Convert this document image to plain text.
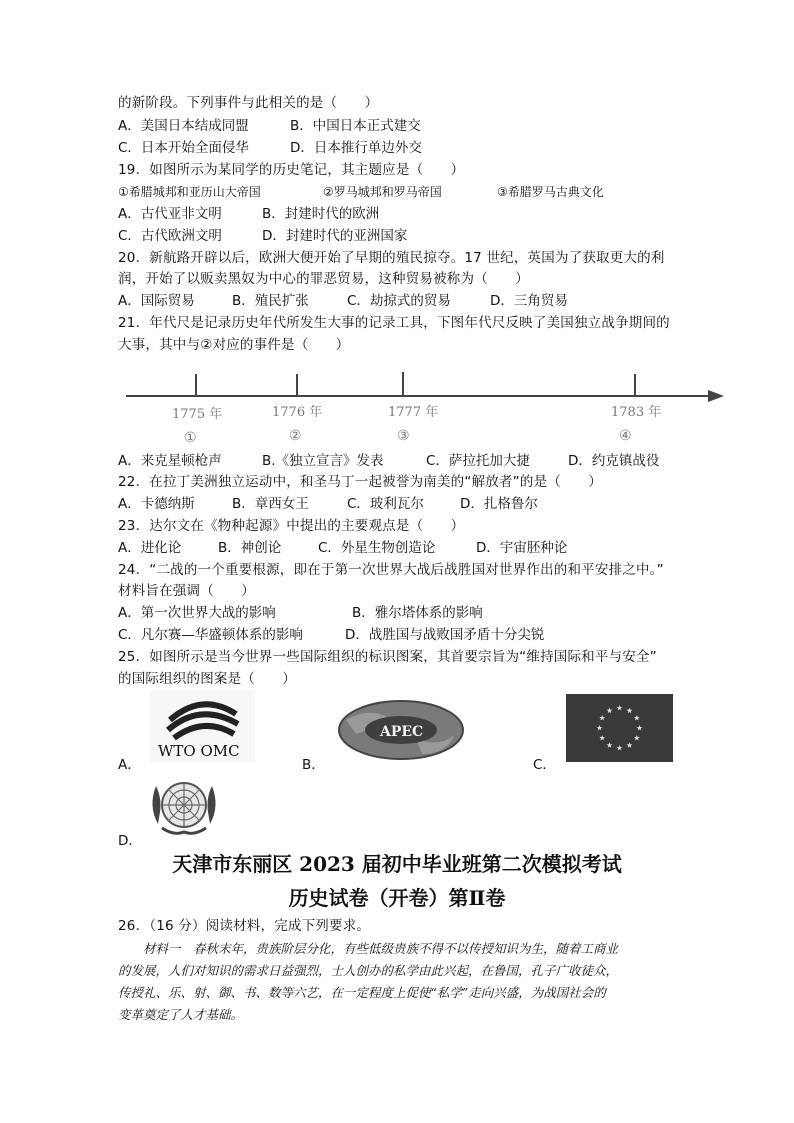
的新阶段。下列事件与此相关的是（　　）
A．美国日本结成同盟	B．中国日本正式建交
C．日本开始全面侵华	D．日本推行单边外交
19．如图所示为某同学的历史笔记，其主题应是（　　）
①希腊城邦和亚历山大帝国	②罗马城邦和罗马帝国	③希腊罗马古典文化
A．古代亚非文明	B．封建时代的欧洲
C．古代欧洲文明	D．封建时代的亚洲国家
20．新航路开辟以后，欧洲大便开始了早期的殖民掠夺。17 世纪，英国为了获取更大的利
润，开始了以贩卖黑奴为中心的罪恶贸易，这种贸易被称为（　　）
A．国际贸易	B．殖民扩张	C．劫掠式的贸易	D．三角贸易
21．年代尺是记录历史年代所发生大事的记录工具，下图年代尺反映了美国独立战争期间的
大事，其中与②对应的事件是（　　）
1775 年	1776 年	1777 年	1783 年
①	②	③	④
A．来克星顿枪声	B.《独立宣言》发表	C．萨拉托加大捷	D．约克镇战役
22．在拉丁美洲独立运动中，和圣马丁一起被誉为南美的“解放者”的是（　　）
A．卡德纳斯	B．章西女王	C．玻利瓦尔	D．扎格鲁尔
23．达尔文在《物种起源》中提出的主要观点是（　　）
A．进化论	B．神创论	C．外星生物创造论	D．宇宙胚种论
24．“二战的一个重要根源，即在于第一次世界大战后战胜国对世界作出的和平安排之中。”
材料旨在强调（　　）
A．第一次世界大战的影响	B．雅尔塔体系的影响
C．凡尔赛—华盛顿体系的影响	D．战胜国与战败国矛盾十分尖锐
25．如图所示是当今世界一些国际组织的标识图案，其首要宗旨为“维持国际和平与安全”
的国际组织的图案是（　　）
WTO OMC
A．
APEC
B．	C．
D．
天津市东丽区 2023 届初中毕业班第二次模拟考试
历史试卷（开卷）第Ⅱ卷
26．（16 分）阅读材料，完成下列要求。
　　材料一　春秋末年，贵族阶层分化，有些低级贵族不得不以传授知识为生，随着工商业
的发展，人们对知识的需求日益强烈，士人创办的私学由此兴起，在鲁国，孔子广收徒众，
传授礼、乐、射、御、书、数等六艺，在一定程度上促使“私学”走向兴盛，为战国社会的
变革奠定了人才基础。
